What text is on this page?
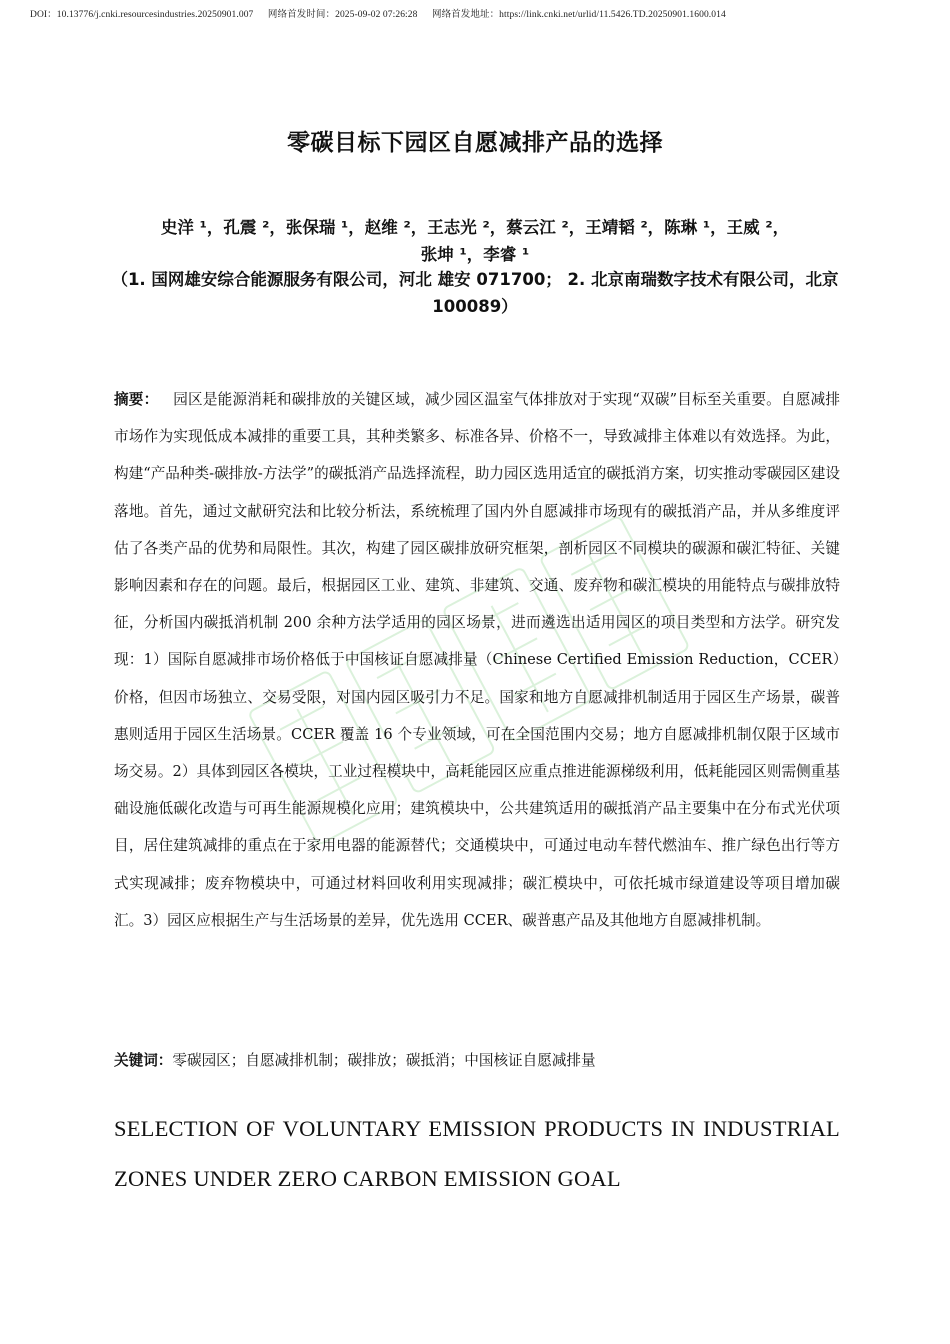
DOI：10.13776/j.cnki.resourcesindustries.20250901.007 网络首发时间：2025-09-02 07:26:28 网络首发地址：https://link.cnki.net/urlid/11.5426.TD.20250901.1600.014
零碳目标下园区自愿减排产品的选择
史洋 ¹，孔震 ²，张保瑞 ¹，赵维 ²，王志光 ²，蔡云江 ²，王靖韬 ²，陈琳 ¹，王威 ²，
张坤 ¹，李睿 ¹
（1. 国网雄安综合能源服务有限公司，河北 雄安 071700； 2. 北京南瑞数字技术有限公司，北京 100089）
摘要：  园区是能源消耗和碳排放的关键区域，减少园区温室气体排放对于实现“双碳”目标至关重要。自愿减排市场作为实现低成本减排的重要工具，其种类繁多、标准各异、价格不一，导致减排主体难以有效选择。为此，构建“产品种类-碳排放-方法学”的碳抵消产品选择流程，助力园区选用适宜的碳抵消方案，切实推动零碳园区建设落地。首先，通过文献研究法和比较分析法，系统梳理了国内外自愿减排市场现有的碳抵消产品，并从多维度评估了各类产品的优势和局限性。其次，构建了园区碳排放研究框架，剖析园区不同模块的碳源和碳汇特征、关键影响因素和存在的问题。最后，根据园区工业、建筑、非建筑、交通、废弃物和碳汇模块的用能特点与碳排放特征，分析国内碳抵消机制 200 余种方法学适用的园区场景，进而遴选出适用园区的项目类型和方法学。研究发现：1）国际自愿减排市场价格低于中国核证自愿减排量（Chinese Certified Emission Reduction，CCER）价格，但因市场独立、交易受限，对国内园区吸引力不足。国家和地方自愿减排机制适用于园区生产场景，碳普惠则适用于园区生活场景。CCER 覆盖 16 个专业领域，可在全国范围内交易；地方自愿减排机制仅限于区域市场交易。2）具体到园区各模块，工业过程模块中，高耗能园区应重点推进能源梯级利用，低耗能园区则需侧重基础设施低碳化改造与可再生能源规模化应用；建筑模块中，公共建筑适用的碳抵消产品主要集中在分布式光伏项目，居住建筑减排的重点在于家用电器的能源替代；交通模块中，可通过电动车替代燃油车、推广绿色出行等方式实现减排；废弃物模块中，可通过材料回收利用实现减排；碳汇模块中，可依托城市绿道建设等项目增加碳汇。3）园区应根据生产与生活场景的差异，优先选用 CCER、碳普惠产品及其他地方自愿减排机制。
关键词：零碳园区；自愿减排机制；碳排放；碳抵消；中国核证自愿减排量
SELECTION OF VOLUNTARY EMISSION PRODUCTS IN INDUSTRIAL ZONES UNDER ZERO CARBON EMISSION GOAL
